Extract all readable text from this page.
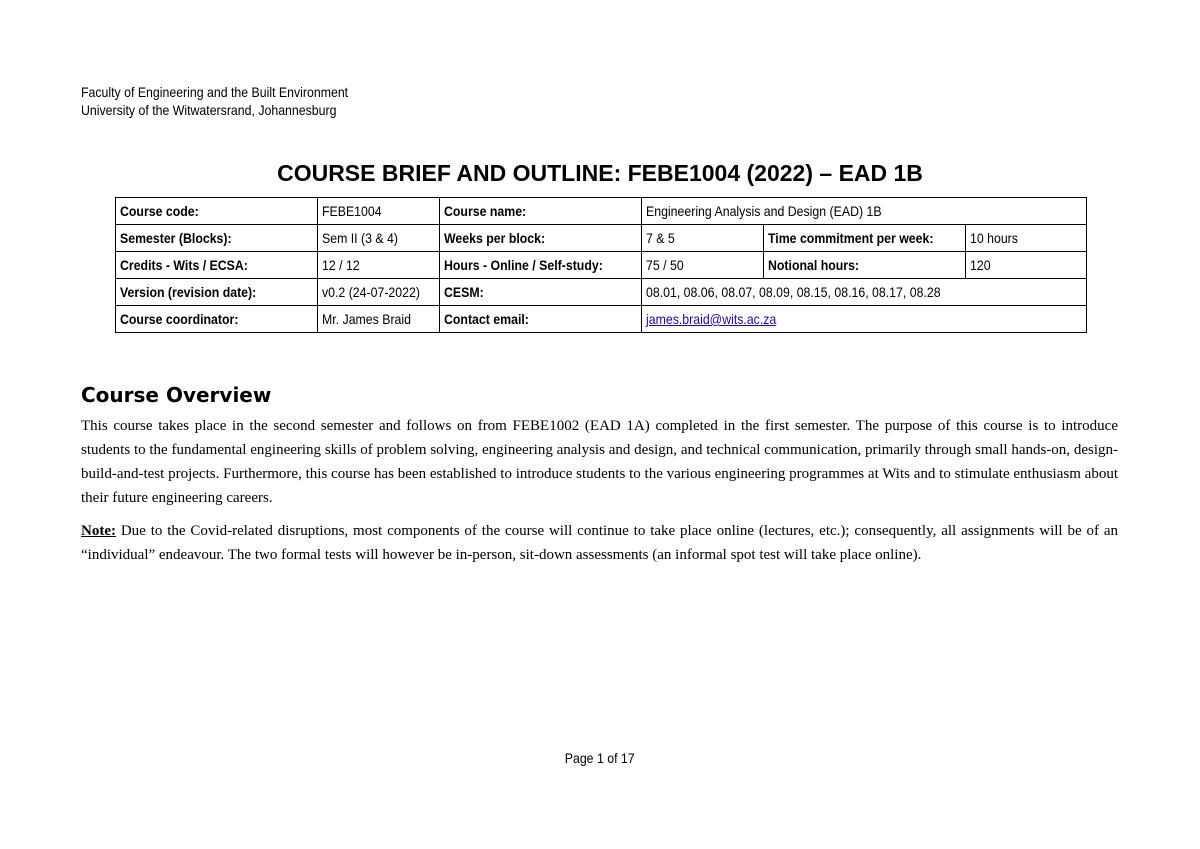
Faculty of Engineering and the Built Environment
University of the Witwatersrand, Johannesburg
COURSE BRIEF AND OUTLINE: FEBE1004 (2022) – EAD 1B
Course code:	FEBE1004	Course name:	Engineering Analysis and Design (EAD) 1B		
Semester (Blocks):	Sem II (3 & 4)	Weeks per block:	7 & 5	Time commitment per week:	10 hours
Credits - Wits / ECSA:	12 / 12	Hours - Online / Self-study:	75 / 50	Notional hours:	120
Version (revision date):	v0.2 (24-07-2022)	CESM:	08.01, 08.06, 08.07, 08.09, 08.15, 08.16, 08.17, 08.28		
Course coordinator:	Mr. James Braid	Contact email:	james.braid@wits.ac.za		
Course Overview

This course takes place in the second semester and follows on from FEBE1002 (EAD 1A) completed in the first semester. The purpose of this course is to introduce students to the fundamental engineering skills of problem solving, engineering analysis and design, and technical communication, primarily through small hands-on, design-build-and-test projects. Furthermore, this course has been established to introduce students to the various engineering programmes at Wits and to stimulate enthusiasm about their future engineering careers.

Note: Due to the Covid-related disruptions, most components of the course will continue to take place online (lectures, etc.); consequently, all assignments will be of an “individual” endeavour. The two formal tests will however be in-person, sit-down assessments (an informal spot test will take place online).

Page 1 of 17
